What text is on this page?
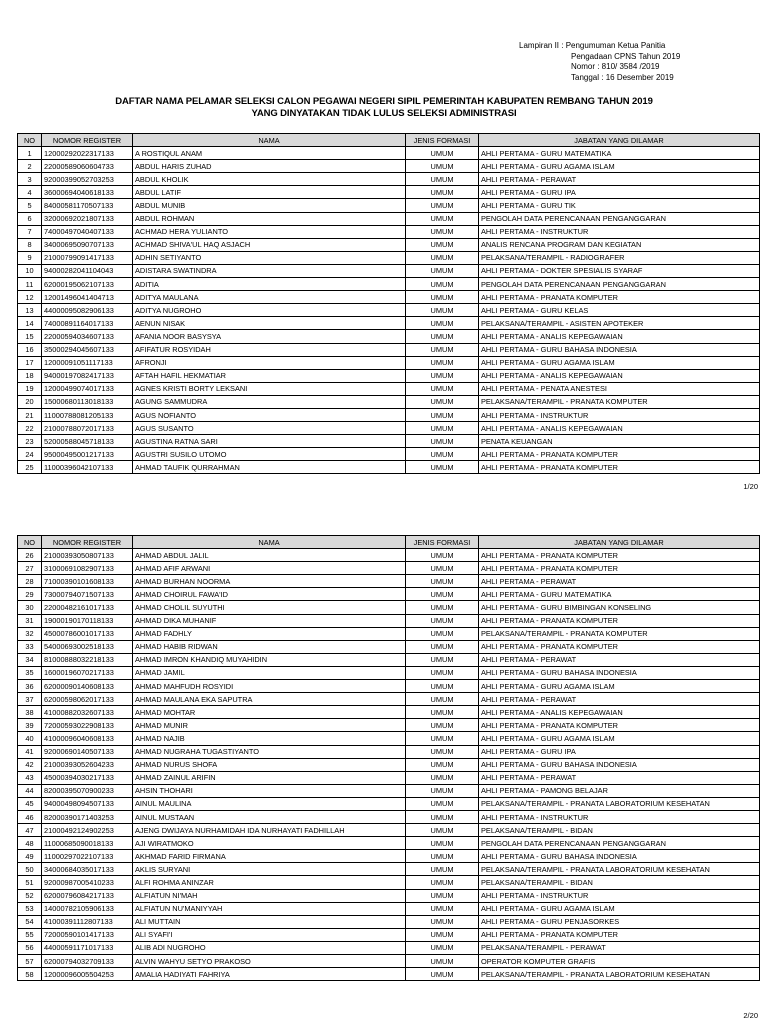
Lampiran II : Pengumuman Ketua Panitia
Pengadaan CPNS Tahun 2019
Nomor : 810/ 3584 /2019
Tanggal : 16 Desember 2019
DAFTAR NAMA PELAMAR SELEKSI CALON PEGAWAI NEGERI SIPIL PEMERINTAH KABUPATEN REMBANG TAHUN 2019
YANG DINYATAKAN TIDAK LULUS SELEKSI ADMINISTRASI
NO	NOMOR REGISTER	NAMA	JENIS FORMASI	JABATAN YANG DILAMAR
1	12000292022317133	A ROSTIQUL ANAM	UMUM	AHLI PERTAMA - GURU MATEMATIKA
2	22000589060604733	ABDUL HARIS ZUHAD	UMUM	AHLI PERTAMA - GURU AGAMA ISLAM
3	92000399052703253	ABDUL KHOLIK	UMUM	AHLI PERTAMA - PERAWAT
4	36000694040618133	ABDUL LATIF	UMUM	AHLI PERTAMA - GURU IPA
5	84000581170507133	ABDUL MUNIB	UMUM	AHLI PERTAMA - GURU TIK
6	32000692021807133	ABDUL ROHMAN	UMUM	PENGOLAH DATA PERENCANAAN PENGANGGARAN
7	74000497040407133	ACHMAD HERA YULIANTO	UMUM	AHLI PERTAMA - INSTRUKTUR
8	34000695090707133	ACHMAD SHIVA'UL HAQ ASJACH	UMUM	ANALIS RENCANA PROGRAM DAN KEGIATAN
9	21000799091417133	ADHIN SETIYANTO	UMUM	PELAKSANA/TERAMPIL - RADIOGRAFER
10	94000282041104043	ADISTARA SWATINDRA	UMUM	AHLI PERTAMA - DOKTER SPESIALIS SYARAF
11	62000195062107133	ADITIA	UMUM	PENGOLAH DATA PERENCANAAN PENGANGGARAN
12	12001496041404713	ADITYA MAULANA	UMUM	AHLI PERTAMA - PRANATA KOMPUTER
13	44000095082906133	ADITYA NUGROHO	UMUM	AHLI PERTAMA - GURU KELAS
14	74000891164017133	AENUN NISAK	UMUM	PELAKSANA/TERAMPIL - ASISTEN APOTEKER
15	22000594034607133	AFANIA NOOR BASYSYA	UMUM	AHLI PERTAMA - ANALIS KEPEGAWAIAN
16	35000294045607133	AFIFATUR ROSYIDAH	UMUM	AHLI PERTAMA - GURU BAHASA INDONESIA
17	12000091051117133	AFRONJI	UMUM	AHLI PERTAMA - GURU AGAMA ISLAM
18	94000197082417133	AFTAH HAFIL HEKMATIAR	UMUM	AHLI PERTAMA - ANALIS KEPEGAWAIAN
19	12000499074017133	AGNES KRISTI BORTY LEKSANI	UMUM	AHLI PERTAMA - PENATA ANESTESI
20	15000680113018133	AGUNG SAMMUDRA	UMUM	PELAKSANA/TERAMPIL - PRANATA KOMPUTER
21	11000788081205133	AGUS NOFIANTO	UMUM	AHLI PERTAMA - INSTRUKTUR
22	21000788072017133	AGUS SUSANTO	UMUM	AHLI PERTAMA - ANALIS KEPEGAWAIAN
23	52000588045718133	AGUSTINA RATNA SARI	UMUM	PENATA KEUANGAN
24	95000495001217133	AGUSTRI SUSILO UTOMO	UMUM	AHLI PERTAMA - PRANATA KOMPUTER
25	11000396042107133	AHMAD TAUFIK QURRAHMAN	UMUM	AHLI PERTAMA - PRANATA KOMPUTER
1/20
NO	NOMOR REGISTER	NAMA	JENIS FORMASI	JABATAN YANG DILAMAR
26	21000393050807133	AHMAD ABDUL JALIL	UMUM	AHLI PERTAMA - PRANATA KOMPUTER
27	31000691082907133	AHMAD AFIF ARWANI	UMUM	AHLI PERTAMA - PRANATA KOMPUTER
28	71000390101608133	AHMAD BURHAN NOORMA	UMUM	AHLI PERTAMA - PERAWAT
29	73000794071507133	AHMAD CHOIRUL FAWA'ID	UMUM	AHLI PERTAMA - GURU MATEMATIKA
30	22000482161017133	AHMAD CHOLIL SUYUTHI	UMUM	AHLI PERTAMA - GURU BIMBINGAN KONSELING
31	19000190170118133	AHMAD DIKA MUHANIF	UMUM	AHLI PERTAMA - PRANATA KOMPUTER
32	45000786001017133	AHMAD FADHLY	UMUM	PELAKSANA/TERAMPIL - PRANATA KOMPUTER
33	54000693002518133	AHMAD HABIB RIDWAN	UMUM	AHLI PERTAMA - PRANATA KOMPUTER
34	81000888032218133	AHMAD IMRON KHANDIQ MUYAHIDIN	UMUM	AHLI PERTAMA - PERAWAT
35	16000196070217133	AHMAD JAMIL	UMUM	AHLI PERTAMA - GURU BAHASA INDONESIA
36	62000090140608133	AHMAD MAHFUDH ROSYIDI	UMUM	AHLI PERTAMA - GURU AGAMA ISLAM
37	62000598062017133	AHMAD MAULANA EKA SAPUTRA	UMUM	AHLI PERTAMA - PERAWAT
38	41000882032607133	AHMAD MOHTAR	UMUM	AHLI PERTAMA - ANALIS KEPEGAWAIAN
39	72000593022908133	AHMAD MUNIR	UMUM	AHLI PERTAMA - PRANATA KOMPUTER
40	41000096040608133	AHMAD NAJIB	UMUM	AHLI PERTAMA - GURU AGAMA ISLAM
41	92000690140507133	AHMAD NUGRAHA TUGASTIYANTO	UMUM	AHLI PERTAMA - GURU IPA
42	21000393052604233	AHMAD NURUS SHOFA	UMUM	AHLI PERTAMA - GURU BAHASA INDONESIA
43	45000394030217133	AHMAD ZAINUL ARIFIN	UMUM	AHLI PERTAMA - PERAWAT
44	82000395070900233	AHSIN THOHARI	UMUM	AHLI PERTAMA - PAMONG BELAJAR
45	94000498094507133	AINUL MAULINA	UMUM	PELAKSANA/TERAMPIL - PRANATA LABORATORIUM KESEHATAN
46	82000390171403253	AINUL MUSTAAN	UMUM	AHLI PERTAMA - INSTRUKTUR
47	21000492124902253	AJENG DWIJAYA NURHAMIDAH IDA NURHAYATI FADHILLAH	UMUM	PELAKSANA/TERAMPIL - BIDAN
48	11000685090018133	AJI WIRATMOKO	UMUM	PENGOLAH DATA PERENCANAAN PENGANGGARAN
49	11000297022107133	AKHMAD FARID FIRMANA	UMUM	AHLI PERTAMA - GURU BAHASA INDONESIA
50	34000684035017133	AKLIS SURYANI	UMUM	PELAKSANA/TERAMPIL - PRANATA LABORATORIUM KESEHATAN
51	92000987005410233	ALFI ROHMA ANINZAR	UMUM	PELAKSANA/TERAMPIL - BIDAN
52	62000796084217133	ALFIATUN NI'MAH	UMUM	AHLI PERTAMA - INSTRUKTUR
53	14000782105906133	ALFIATUN NU'MANIYYAH	UMUM	AHLI PERTAMA - GURU AGAMA ISLAM
54	41000391112807133	ALI MUTTAIN	UMUM	AHLI PERTAMA - GURU PENJASORKES
55	72000590101417133	ALI SYAFI'I	UMUM	AHLI PERTAMA - PRANATA KOMPUTER
56	44000591171017133	ALIB ADI NUGROHO	UMUM	PELAKSANA/TERAMPIL - PERAWAT
57	62000794032709133	ALVIN WAHYU SETYO PRAKOSO	UMUM	OPERATOR KOMPUTER GRAFIS
58	12000096005504253	AMALIA HADIYATI FAHRIYA	UMUM	PELAKSANA/TERAMPIL - PRANATA LABORATORIUM KESEHATAN
2/20
